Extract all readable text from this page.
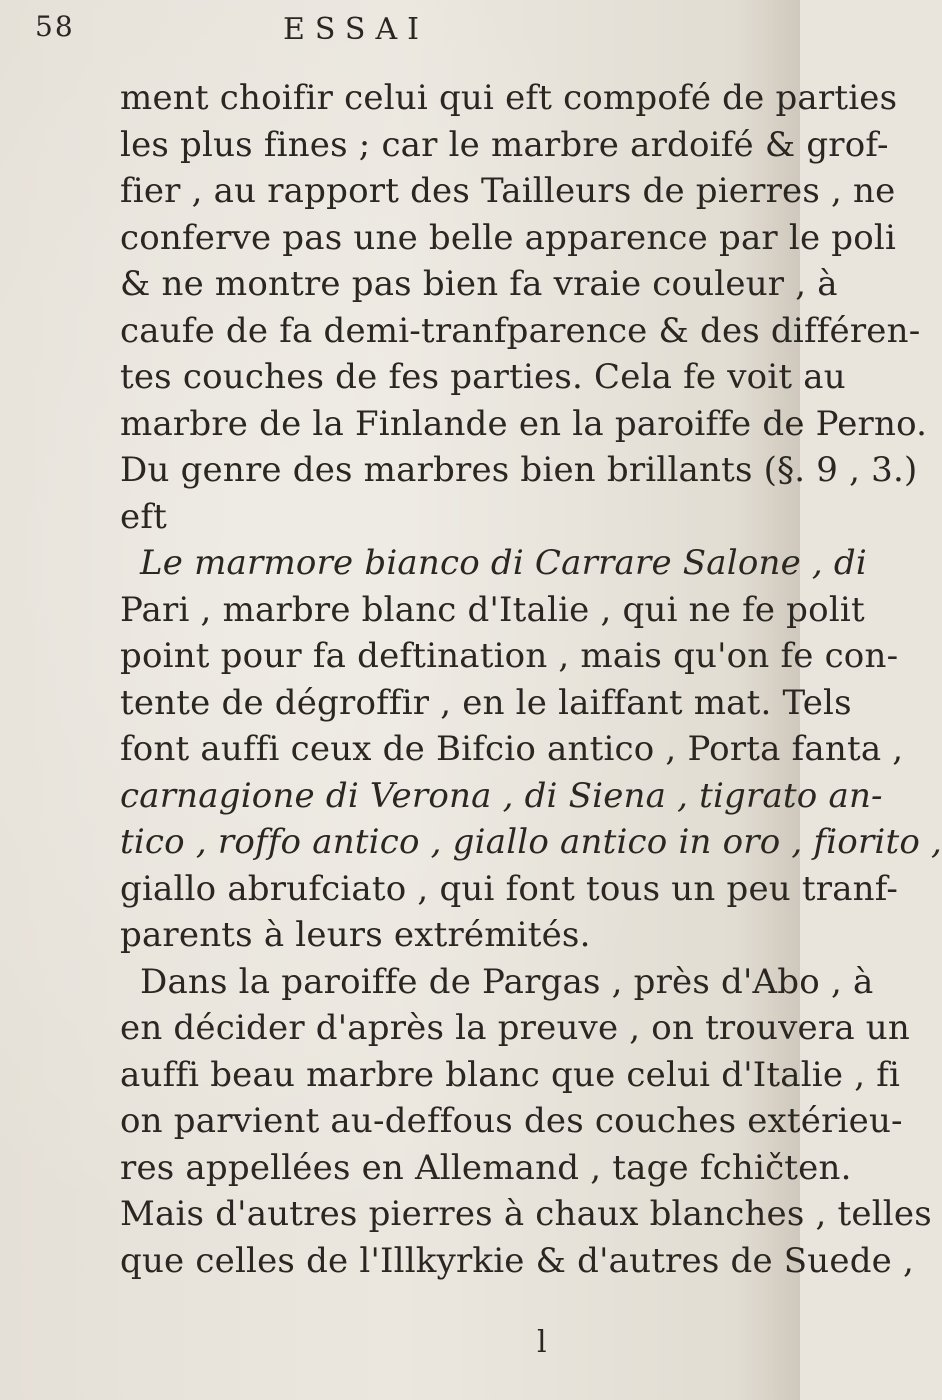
58	ESSAI
ment choifir celui qui eft compofé de parties
les plus fines ; car le marbre ardoifé & grof-
fier , au rapport des Tailleurs de pierres , ne
conferve pas une belle apparence par le poli
& ne montre pas bien fa vraie couleur , à
caufe de fa demi-tranfparence & des différen-
tes couches de fes parties. Cela fe voit au
marbre de la Finlande en la paroiffe de Perno.
Du genre des marbres bien brillants (§. 9 , 3.)
eft
Le marmore bianco di Carrare Salone , di
Pari , marbre blanc d'Italie , qui ne fe polit
point pour fa deftination , mais qu'on fe con-
tente de dégroffir , en le laiffant mat. Tels
font auffi ceux de Bifcio antico , Porta fanta ,
carnagione di Verona , di Siena , tigrato an-
tico , roffo antico , giallo antico in oro , fiorito ,
giallo abrufciato , qui font tous un peu tranf-
parents à leurs extrémités.
Dans la paroiffe de Pargas , près d'Abo , à
en décider d'après la preuve , on trouvera un
auffi beau marbre blanc que celui d'Italie , fi
on parvient au-deffous des couches extérieu-
res appellées en Allemand , tage fchičten.
Mais d'autres pierres à chaux blanches , telles
que celles de l'Illkyrkie & d'autres de Suede ,
l
